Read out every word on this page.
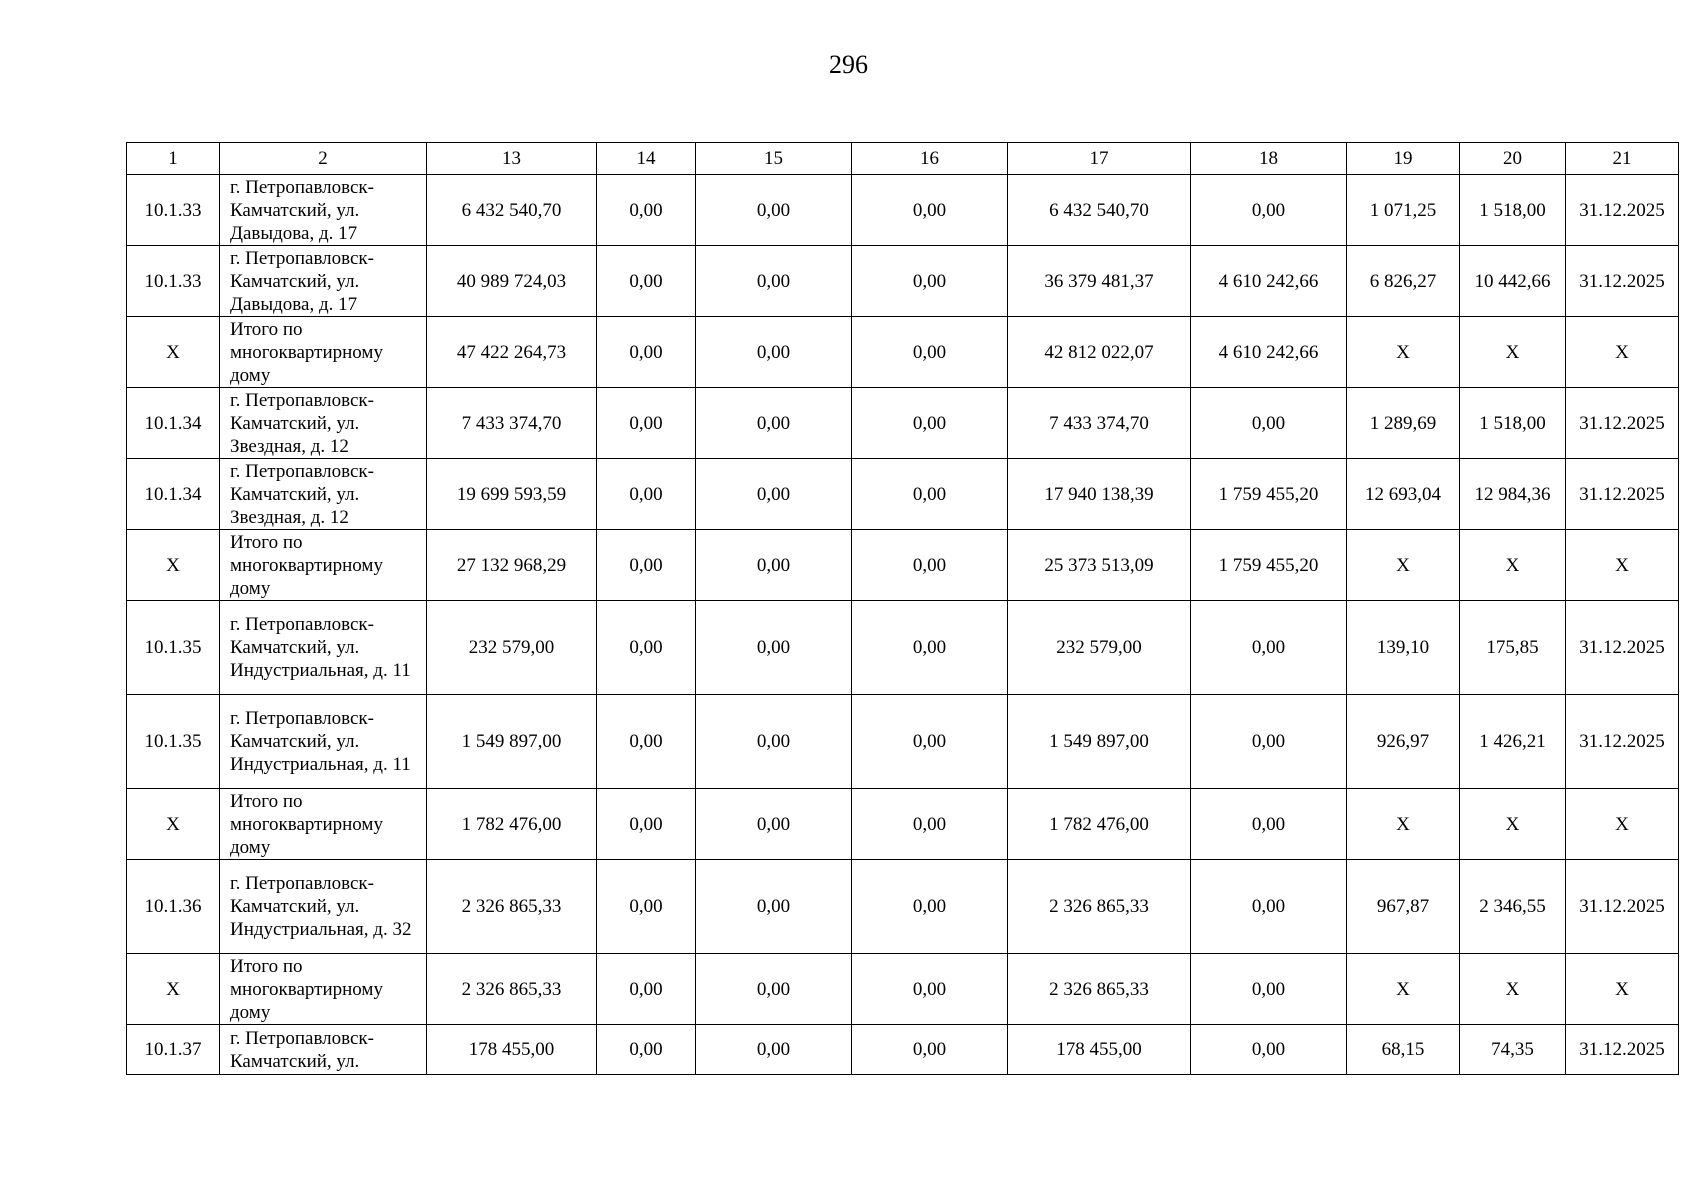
296
1	2	13	14	15	16	17	18	19	20	21
10.1.33	г. Петропавловск-Камчатский, ул. Давыдова, д. 17	6 432 540,70	0,00	0,00	0,00	6 432 540,70	0,00	1 071,25	1 518,00	31.12.2025
10.1.33	г. Петропавловск-Камчатский, ул. Давыдова, д. 17	40 989 724,03	0,00	0,00	0,00	36 379 481,37	4 610 242,66	6 826,27	10 442,66	31.12.2025
X	Итого по многоквартирному дому	47 422 264,73	0,00	0,00	0,00	42 812 022,07	4 610 242,66	X	X	X
10.1.34	г. Петропавловск-Камчатский, ул. Звездная, д. 12	7 433 374,70	0,00	0,00	0,00	7 433 374,70	0,00	1 289,69	1 518,00	31.12.2025
10.1.34	г. Петропавловск-Камчатский, ул. Звездная, д. 12	19 699 593,59	0,00	0,00	0,00	17 940 138,39	1 759 455,20	12 693,04	12 984,36	31.12.2025
X	Итого по многоквартирному дому	27 132 968,29	0,00	0,00	0,00	25 373 513,09	1 759 455,20	X	X	X
10.1.35	г. Петропавловск-Камчатский, ул. Индустриальная, д. 11	232 579,00	0,00	0,00	0,00	232 579,00	0,00	139,10	175,85	31.12.2025
10.1.35	г. Петропавловск-Камчатский, ул. Индустриальная, д. 11	1 549 897,00	0,00	0,00	0,00	1 549 897,00	0,00	926,97	1 426,21	31.12.2025
X	Итого по многоквартирному дому	1 782 476,00	0,00	0,00	0,00	1 782 476,00	0,00	X	X	X
10.1.36	г. Петропавловск-Камчатский, ул. Индустриальная, д. 32	2 326 865,33	0,00	0,00	0,00	2 326 865,33	0,00	967,87	2 346,55	31.12.2025
X	Итого по многоквартирному дому	2 326 865,33	0,00	0,00	0,00	2 326 865,33	0,00	X	X	X
10.1.37	г. Петропавловск-Камчатский, ул.	178 455,00	0,00	0,00	0,00	178 455,00	0,00	68,15	74,35	31.12.2025
